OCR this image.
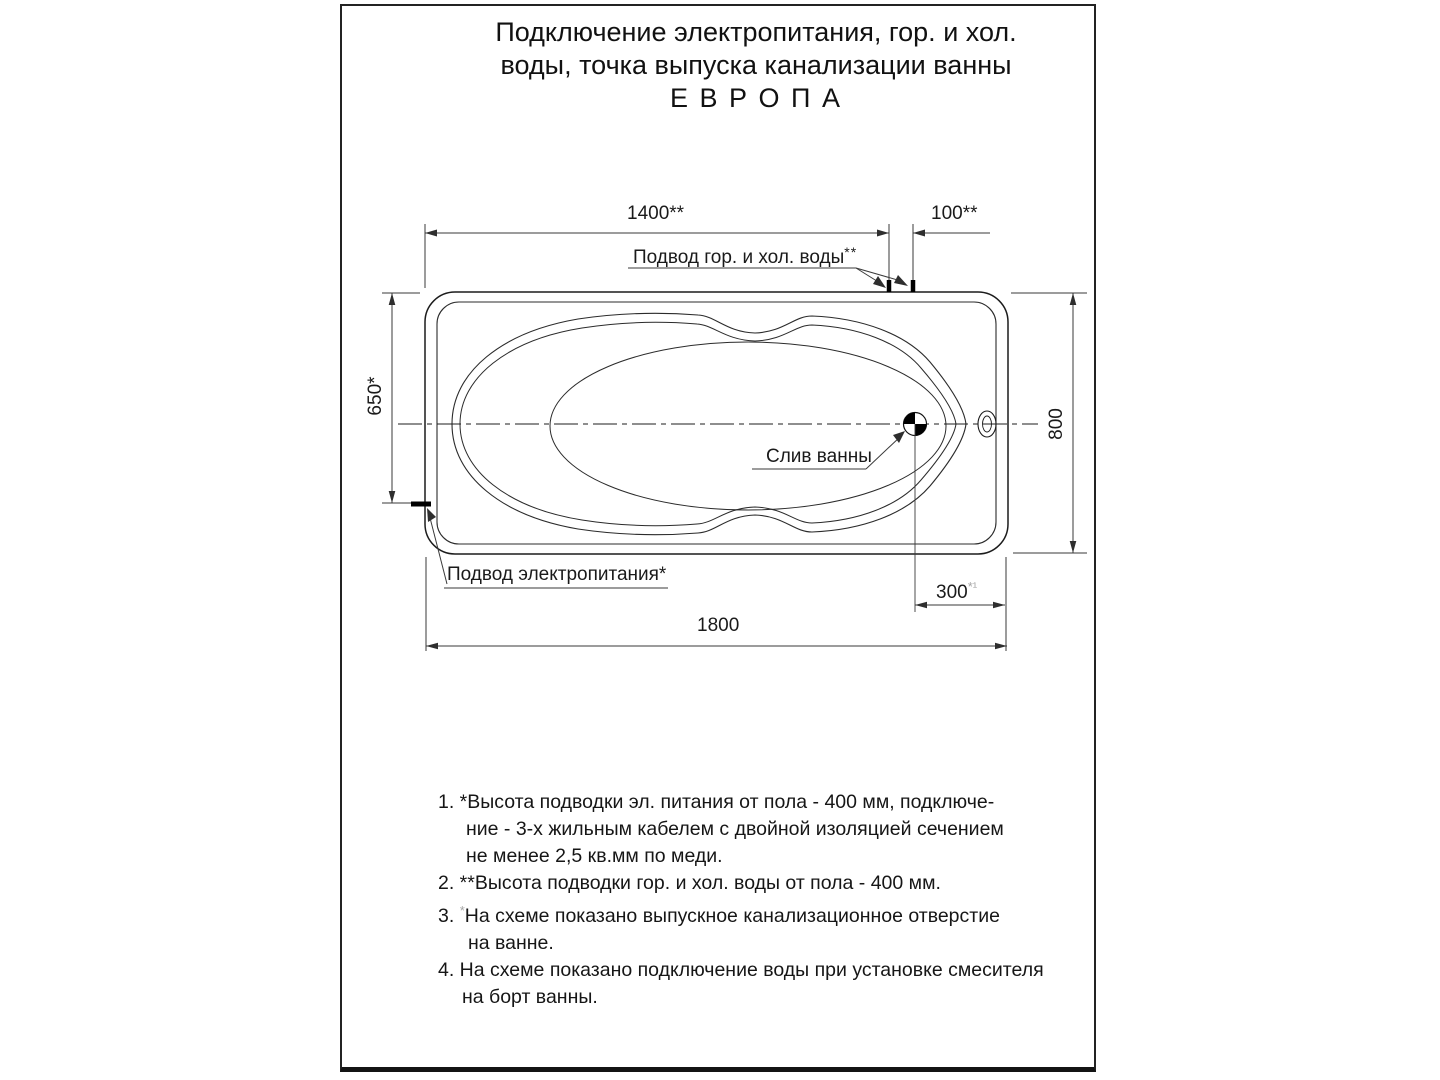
Подключение электропитания, гор. и хол.
воды, точка выпуска канализации ванны
Е В Р О П А
1400**	100**
650*
800
$300^{*^1}$
1800
Подвод гор. и хол. воды**
Слив ванны
Подвод электропитания*
1. *Высота подводки эл. питания от пола - 400 мм, подключе-
ние - 3-х жильным кабелем с двойной изоляцией сечением
не менее 2,5 кв.мм по меди.
2. **Высота подводки гор. и хол. воды от пола - 400 мм.
3. *На схеме показано выпускное канализационное отверстие
на ванне.
4. На схеме показано подключение воды при установке смесителя
на борт ванны.
